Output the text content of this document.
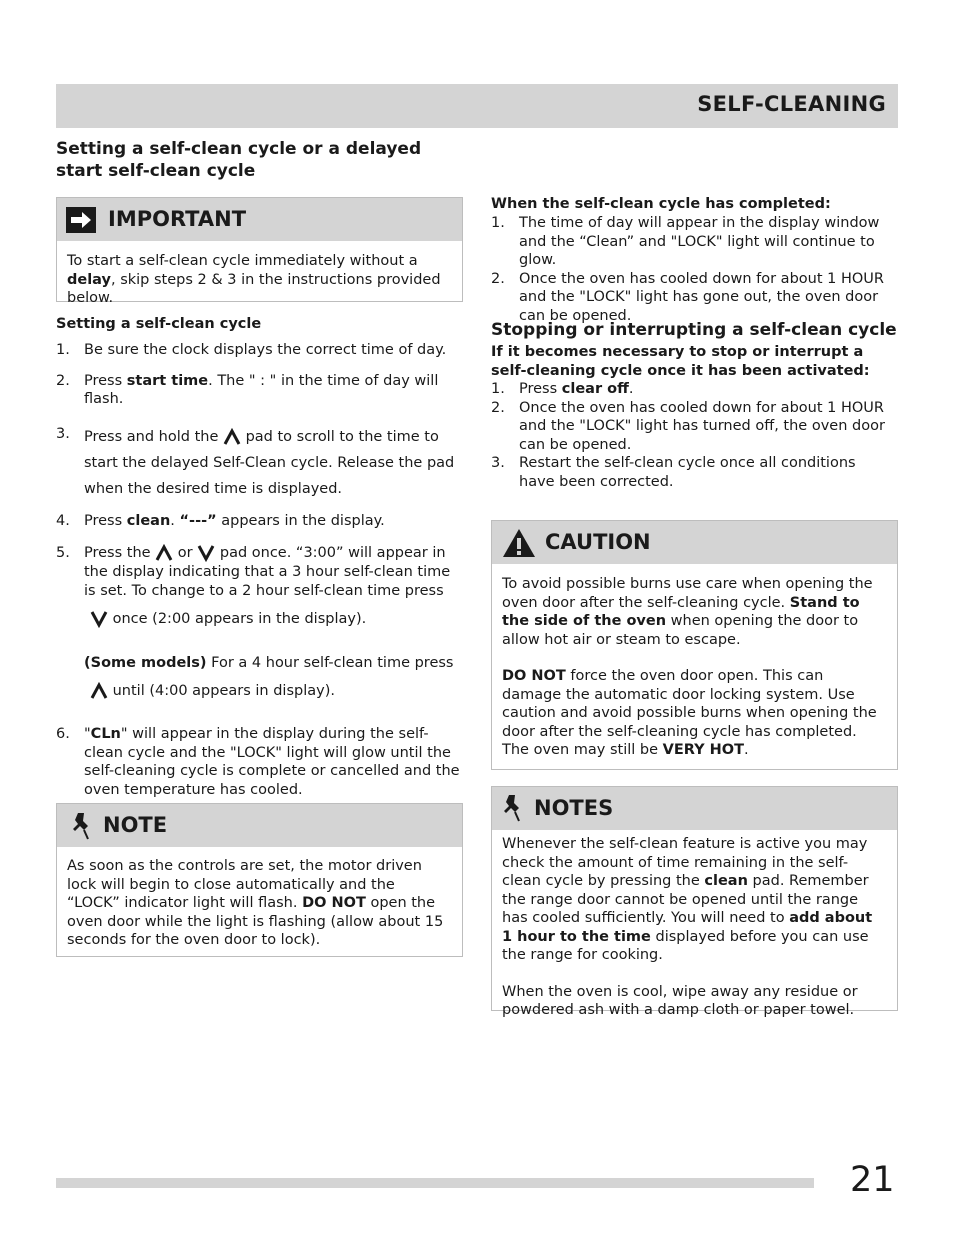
SELF-CLEANING
Setting a self-clean cycle or a delayed start self-clean cycle
IMPORTANT
To start a self-clean cycle immediately without a delay, skip steps 2 & 3 in the instructions provided below.
Setting a self-clean cycle
1. Be sure the clock displays the correct time of day.
2. Press start time. The " : " in the time of day will flash.
3. Press and hold the  pad to scroll to the time to start the delayed Self-Clean cycle. Release the pad when the desired time is displayed.
4. Press clean. “---” appears in the display.
5. Press the  or  pad once. “3:00” will appear in the display indicating that a 3 hour self-clean time is set. To change to a 2 hour self-clean time press
once (2:00 appears in the display).
(Some models) For a 4 hour self-clean time press
until (4:00 appears in display).
6. "CLn" will appear in the display during the self-clean cycle and the "LOCK" light will glow until the self-cleaning cycle is complete or cancelled and the oven temperature has cooled.
NOTE
As soon as the controls are set, the motor driven lock will begin to close automatically and the “LOCK” indicator light will flash. DO NOT open the oven door while the light is flashing (allow about 15 seconds for the oven door to lock).
When the self-clean cycle has completed:
1. The time of day will appear in the display window and the “Clean” and "LOCK" light will continue to glow.
2. Once the oven has cooled down for about 1 HOUR and the "LOCK" light has gone out, the oven door can be opened.
Stopping or interrupting a self-clean cycle
If it becomes necessary to stop or interrupt a self-cleaning cycle once it has been activated:
1. Press clear off.
2. Once the oven has cooled down for about 1 HOUR and the "LOCK" light has turned off, the oven door can be opened.
3. Restart the self-clean cycle once all conditions have been corrected.
CAUTION
To avoid possible burns use care when opening the oven door after the self-cleaning cycle. Stand to the side of the oven when opening the door to allow hot air or steam to escape.
DO NOT force the oven door open. This can damage the automatic door locking system. Use caution and avoid possible burns when opening the door after the self-cleaning cycle has completed. The oven may still be VERY HOT.
NOTES
Whenever the self-clean feature is active you may check the amount of time remaining in the self-clean cycle by pressing the clean pad. Remember the range door cannot be opened until the range has cooled sufficiently. You will need to add about 1 hour to the time displayed before you can use the range for cooking.
When the oven is cool, wipe away any residue or powdered ash with a damp cloth or paper towel.
21
